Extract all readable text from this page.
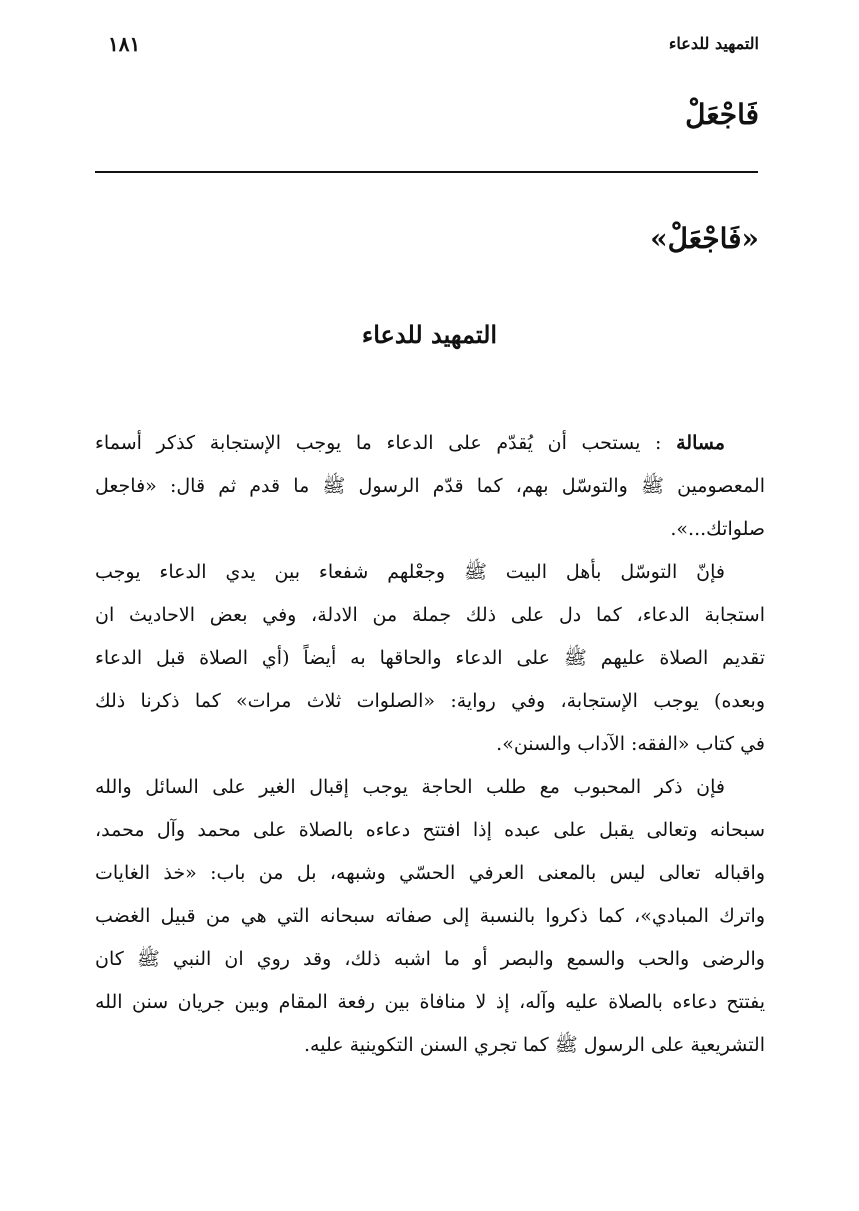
١٨١	التمهيد للدعاء
فَاجْعَلْ
«فَاجْعَلْ»
التمهيد للدعاء
مسالة : يستحب أن يُقدّم على الدعاء ما يوجب الإستجابة كذكر أسماء
المعصومين ﷺ والتوسّل بهم، كما قدّم الرسول ﷺ ما قدم ثم قال: «فاجعل
صلواتك...».
فإنّ التوسّل بأهل البيت ﷺ وجعْلهم شفعاء بين يدي الدعاء يوجب
استجابة الدعاء، كما دل على ذلك جملة من الادلة، وفي بعض الاحاديث ان
تقديم الصلاة عليهم ﷺ على الدعاء والحاقها به أيضاً (أي الصلاة قبل الدعاء
وبعده) يوجب الإستجابة، وفي رواية: «الصلوات ثلاث مرات» كما ذكرنا ذلك
في كتاب «الفقه: الآداب والسنن».
فإن ذكر المحبوب مع طلب الحاجة يوجب إقبال الغير على السائل والله
سبحانه وتعالى يقبل على عبده إذا افتتح دعاءه بالصلاة على محمد وآل محمد،
واقباله تعالى ليس بالمعنى العرفي الحسّي وشبهه، بل من باب: «خذ الغايات
واترك المبادي»، كما ذكروا بالنسبة إلى صفاته سبحانه التي هي من قبيل الغضب
والرضى والحب والسمع والبصر أو ما اشبه ذلك، وقد روي ان النبي ﷺ كان
يفتتح دعاءه بالصلاة عليه وآله، إذ لا منافاة بين رفعة المقام وبين جريان سنن الله
التشريعية على الرسول ﷺ كما تجري السنن التكوينية عليه.
